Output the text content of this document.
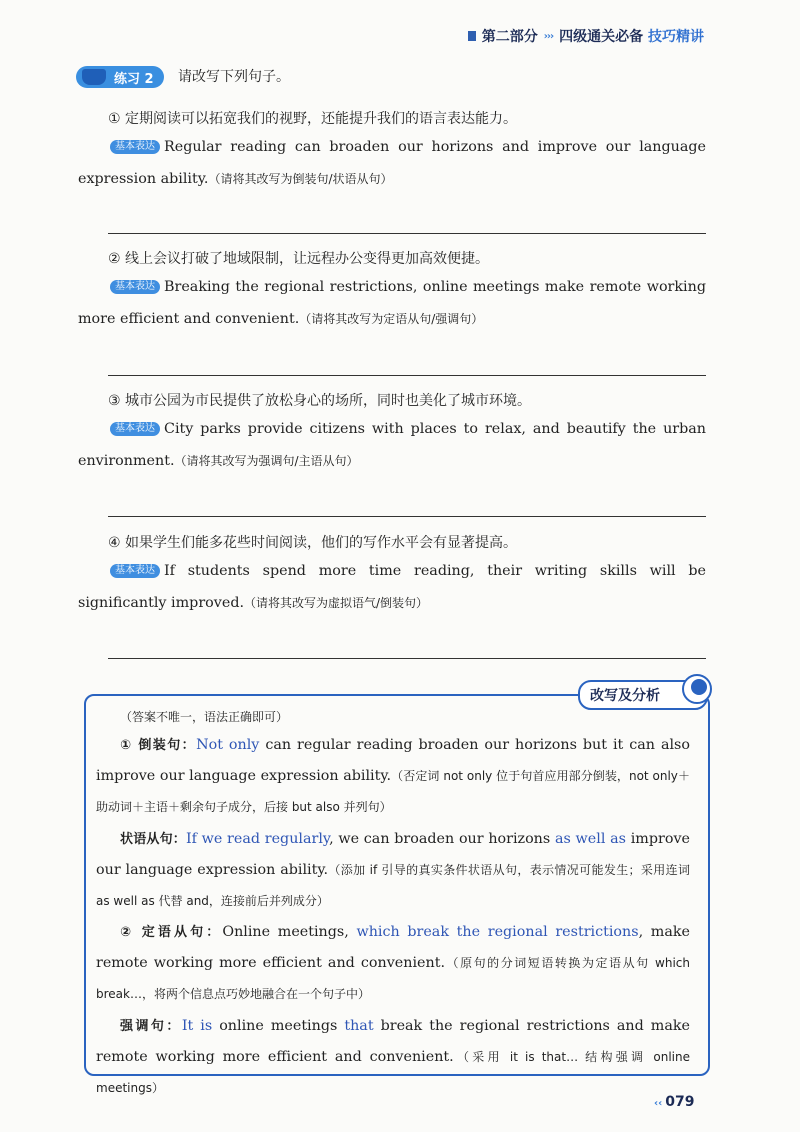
第二部分 ››› 四级通关必备 技巧精讲
练习 2 请改写下列句子。
① 定期阅读可以拓宽我们的视野，还能提升我们的语言表达能力。
基本表达 Regular reading can broaden our horizons and improve our language expression ability.（请将其改写为倒装句/状语从句）
② 线上会议打破了地域限制，让远程办公变得更加高效便捷。
基本表达 Breaking the regional restrictions, online meetings make remote working more efficient and convenient.（请将其改写为定语从句/强调句）
③ 城市公园为市民提供了放松身心的场所，同时也美化了城市环境。
基本表达 City parks provide citizens with places to relax, and beautify the urban environment.（请将其改写为强调句/主语从句）
④ 如果学生们能多花些时间阅读，他们的写作水平会有显著提高。
基本表达 If students spend more time reading, their writing skills will be significantly improved.（请将其改写为虚拟语气/倒装句）
改写及分析
（答案不唯一，语法正确即可）
① 倒装句：Not only can regular reading broaden our horizons but it can also improve our language expression ability.（否定词 not only 位于句首应用部分倒装，not only＋助动词＋主语＋剩余句子成分，后接 but also 并列句）
状语从句：If we read regularly, we can broaden our horizons as well as improve our language expression ability.（添加 if 引导的真实条件状语从句，表示情况可能发生；采用连词 as well as 代替 and，连接前后并列成分）
② 定语从句：Online meetings, which break the regional restrictions, make remote working more efficient and convenient.（原句的分词短语转换为定语从句 which break…，将两个信息点巧妙地融合在一个句子中）
强调句：It is online meetings that break the regional restrictions and make remote working more efficient and convenient.（采用 it is that… 结构强调 online meetings）
‹‹ 079
